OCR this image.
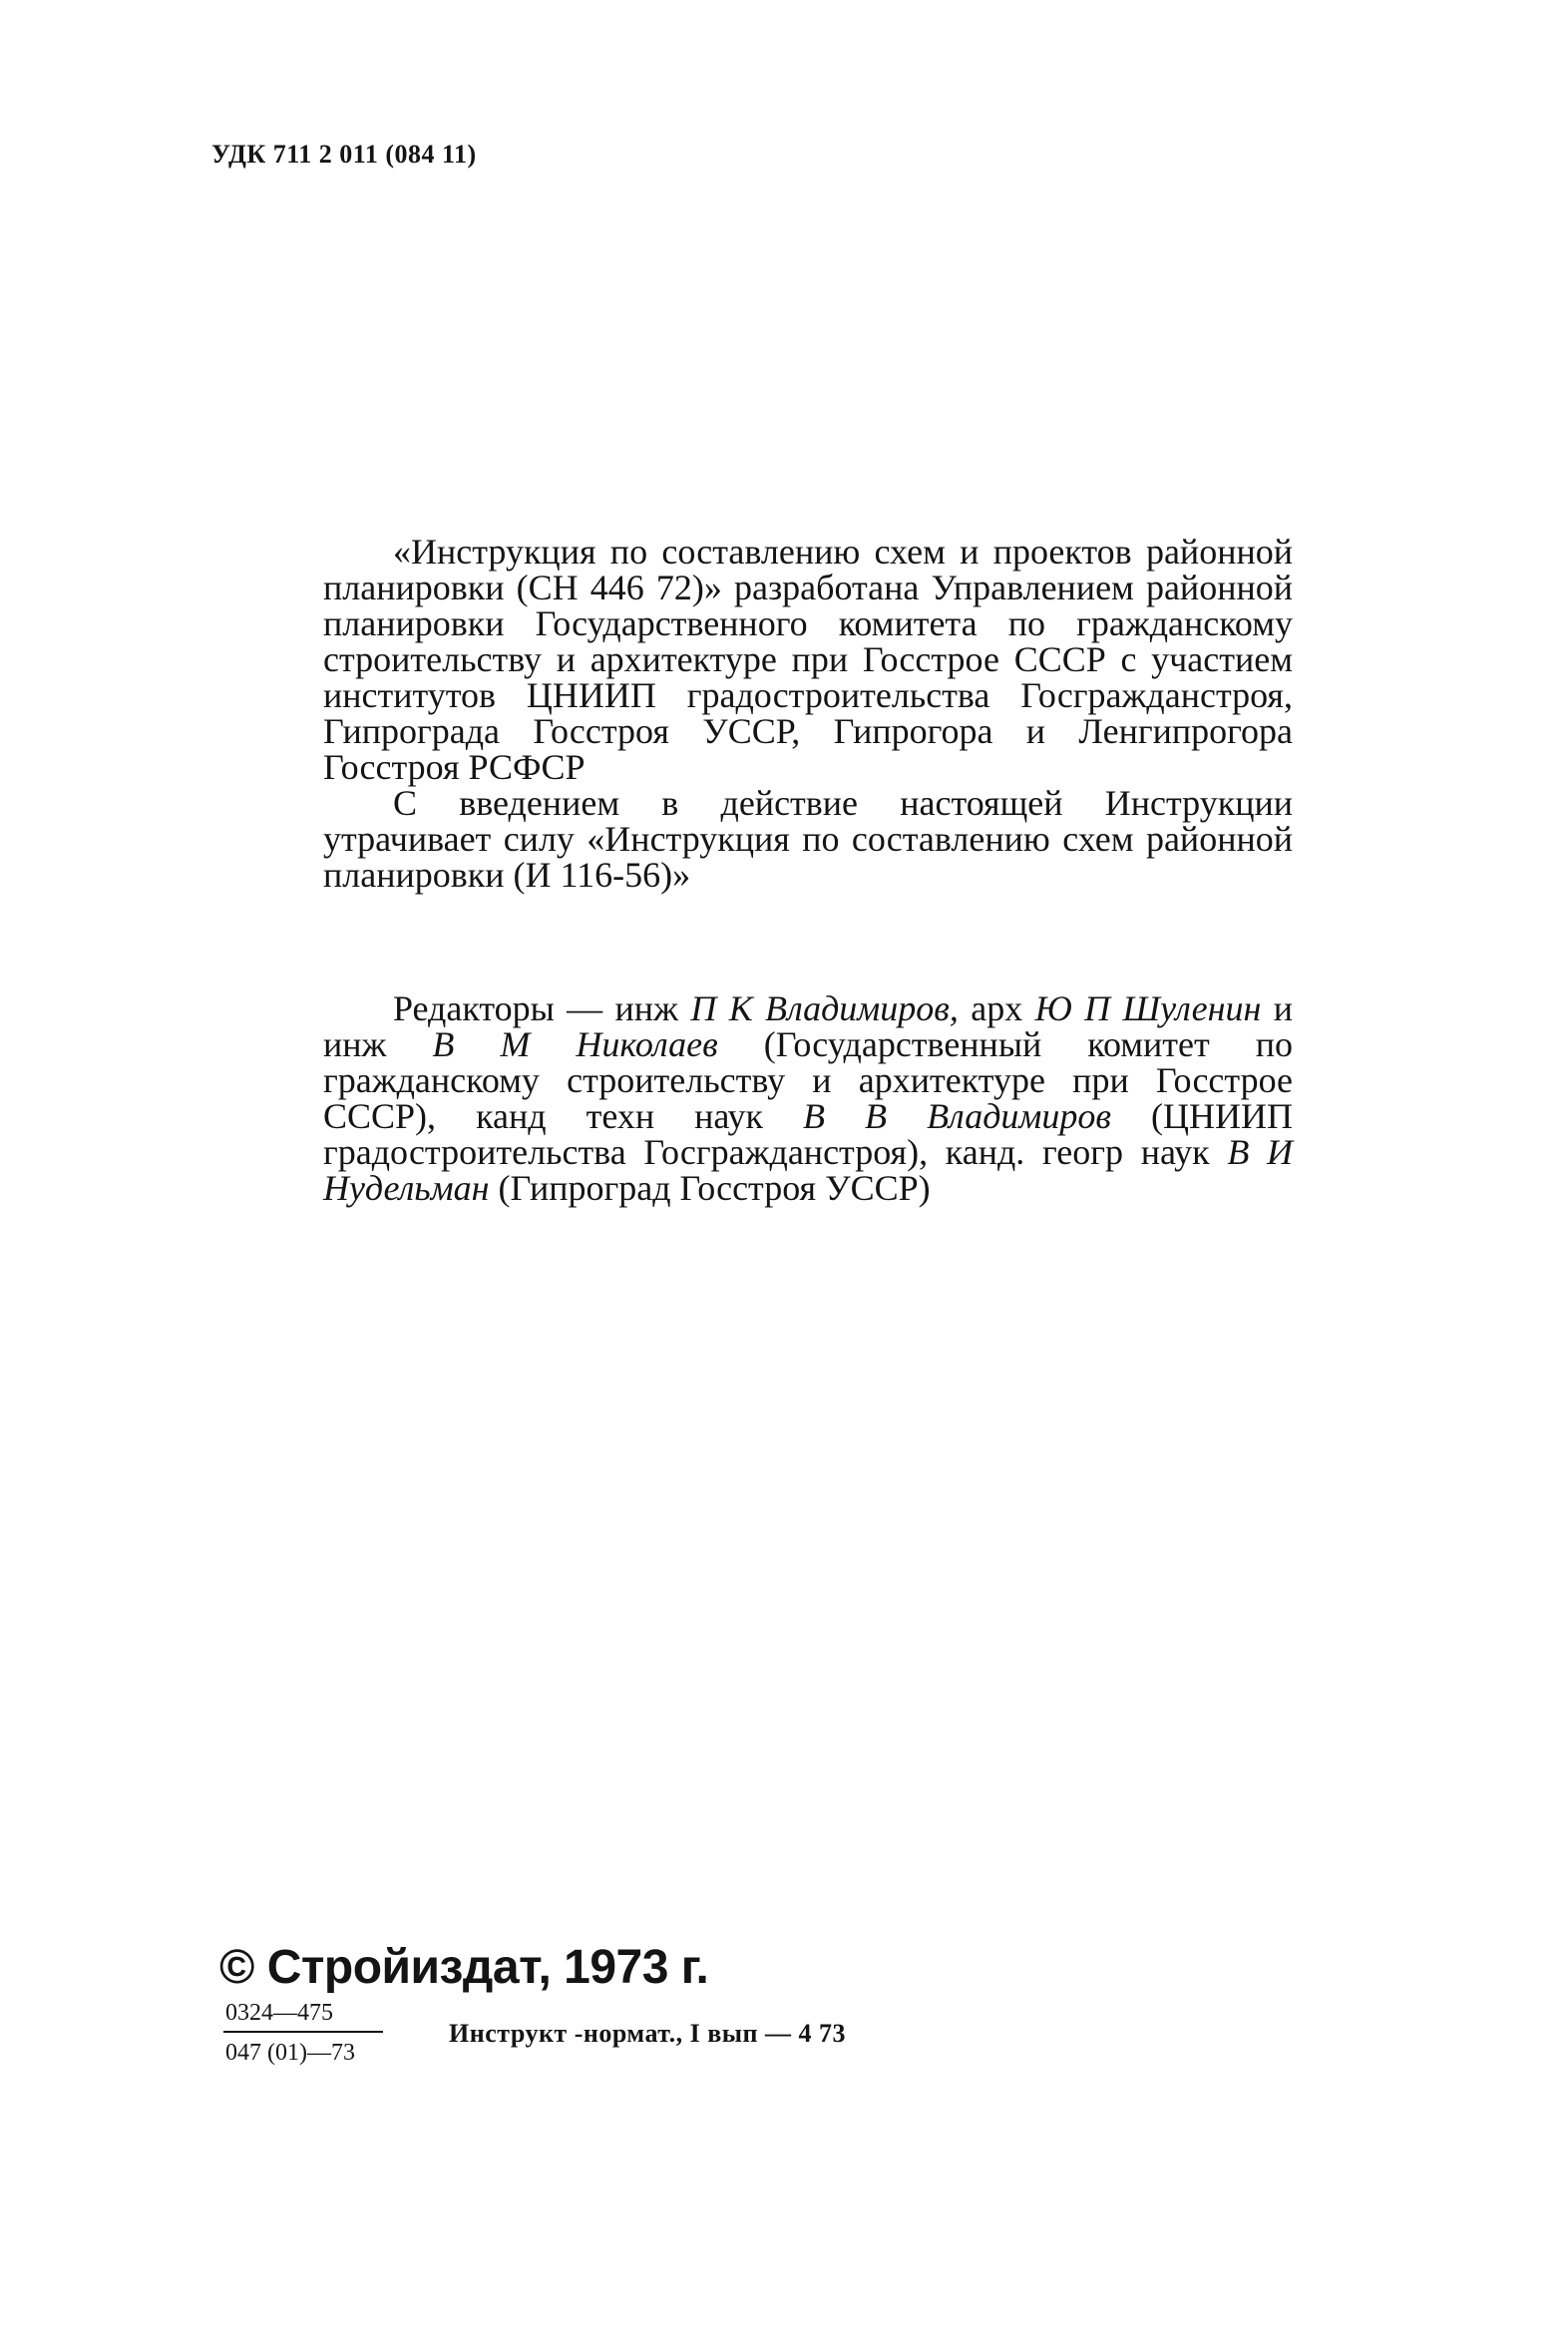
УДК 711 2 011 (084 11)

«Инструкция по составлению схем и проектов районной планировки (СН 446 72)» разработана Управлением районной планировки Государственного комитета по гражданскому строительству и архитектуре при Госстрое СССР с участием институтов ЦНИИП градостроительства Госгражданстроя, Гипрограда Госстроя УССР, Гипрогора и Ленгипрогора Госстроя РСФСР

С введением в действие настоящей Инструкции утрачивает силу «Инструкция по составлению схем районной планировки (И 116-56)»

Редакторы — инж П К Владимиров, арх Ю П Шуленин и инж В М Николаев (Государственный комитет по гражданскому строительству и архитектуре при Госстрое СССР), канд техн наук В В Владимиров (ЦНИИП градостроительства Госгражданстроя), канд. геогр наук В И Нудельман (Гипроград Госстроя УССР)
© Стройиздат, 1973 г.
0324—475
047 (01)—73
Инструкт -нормат., I вып — 4 73
